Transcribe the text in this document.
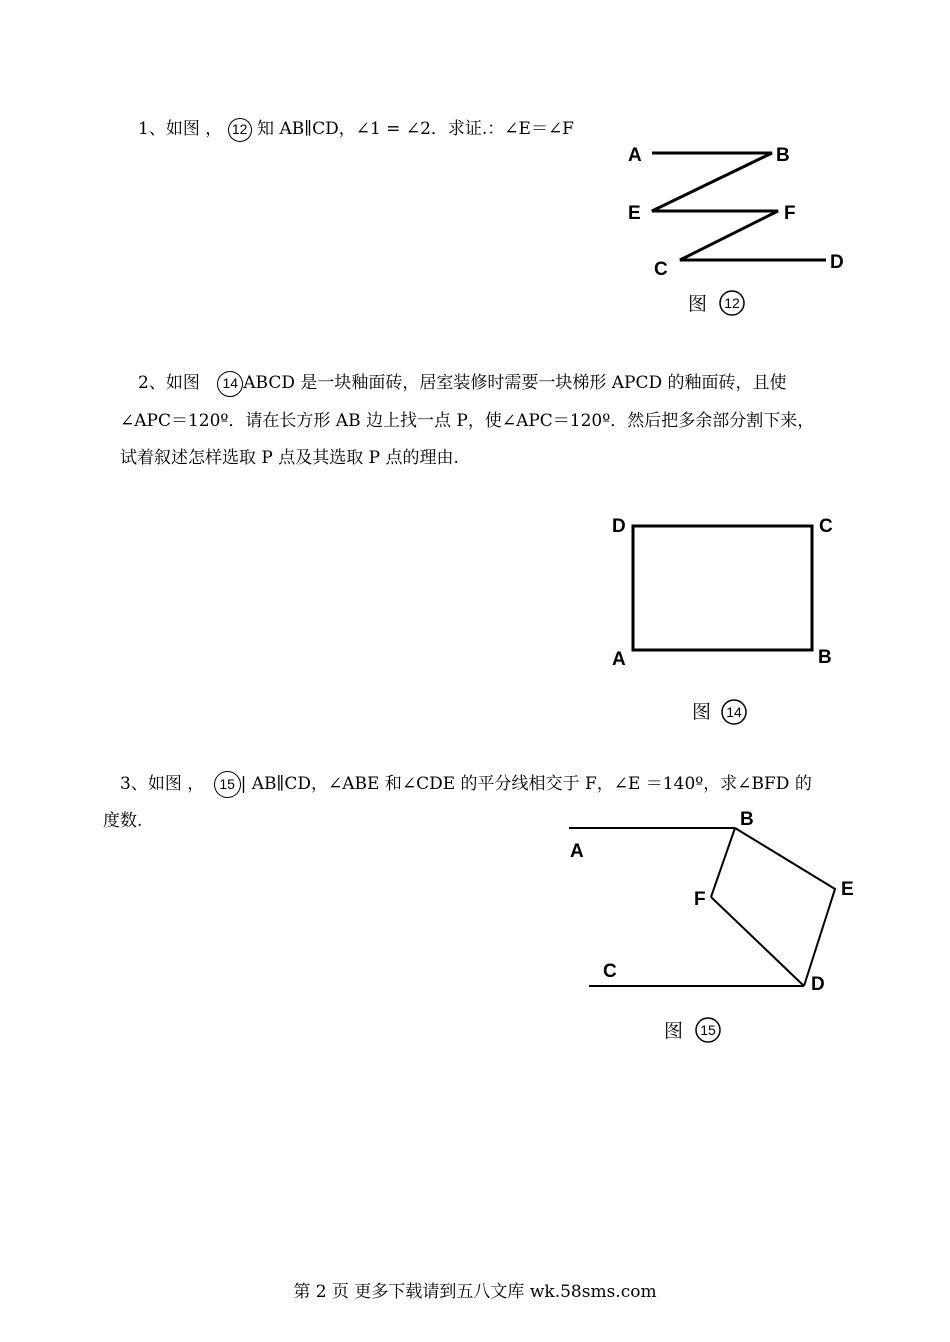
1、如图 ， 12 知 AB∥CD，∠1 = ∠2．求证.：∠E＝∠F
A	B
E	F
C	D
图 12
2、如图 14 ABCD 是一块釉面砖，居室装修时需要一块梯形 APCD 的釉面砖，且使
∠APC＝120º．请在长方形 AB 边上找一点 P，使∠APC＝120º．然后把多余部分割下来，
试着叙述怎样选取 P 点及其选取 P 点的理由.
D	C
A	B
图 14
3、如图 ， 15 | AB∥CD，∠ABE 和∠CDE 的平分线相交于 F，∠E ＝140º，求∠BFD 的
度数.
A
B
E
F
C
D
图 15
第 2 页 更多下载请到五八文库 wk.58sms.com
